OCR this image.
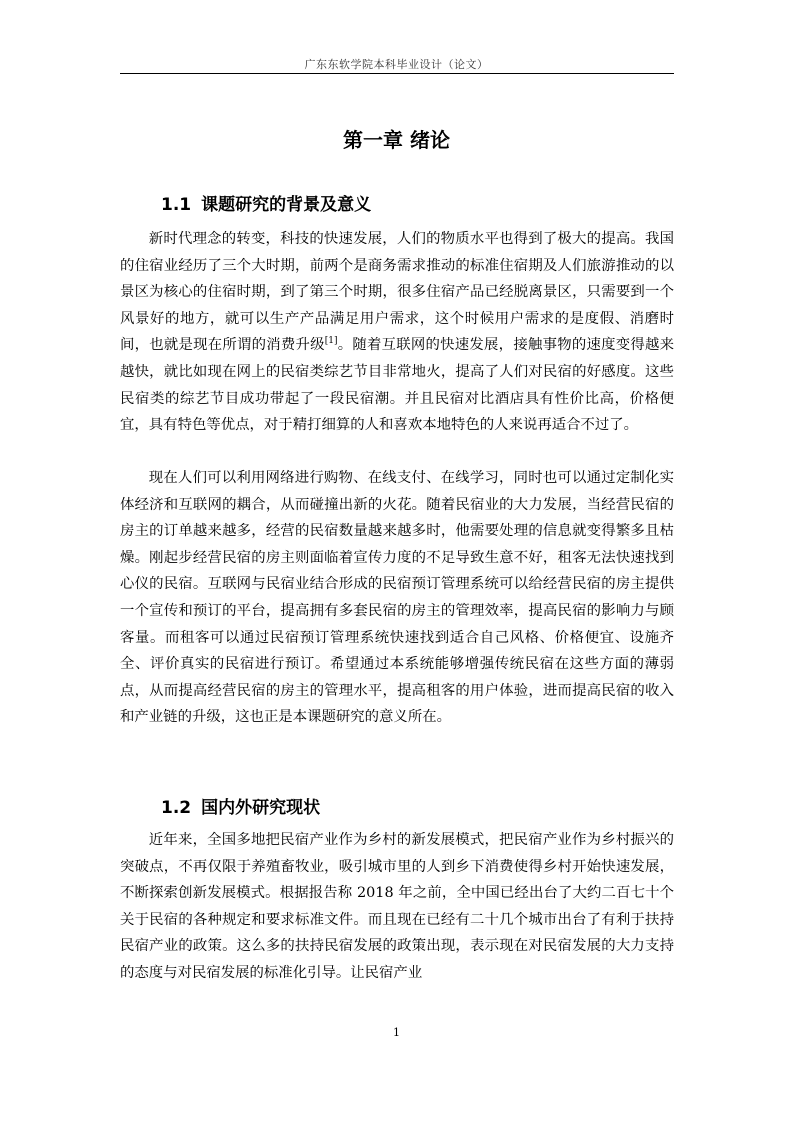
广东东软学院本科毕业设计（论文）
第一章 绪论
1.1 课题研究的背景及意义

新时代理念的转变，科技的快速发展，人们的物质水平也得到了极大的提高。我国的住宿业经历了三个大时期，前两个是商务需求推动的标准住宿期及人们旅游推动的以景区为核心的住宿时期，到了第三个时期，很多住宿产品已经脱离景区，只需要到一个风景好的地方，就可以生产产品满足用户需求，这个时候用户需求的是度假、消磨时间，也就是现在所谓的消费升级[1]。随着互联网的快速发展，接触事物的速度变得越来越快，就比如现在网上的民宿类综艺节目非常地火，提高了人们对民宿的好感度。这些民宿类的综艺节目成功带起了一段民宿潮。并且民宿对比酒店具有性价比高，价格便宜，具有特色等优点，对于精打细算的人和喜欢本地特色的人来说再适合不过了。

现在人们可以利用网络进行购物、在线支付、在线学习，同时也可以通过定制化实体经济和互联网的耦合，从而碰撞出新的火花。随着民宿业的大力发展，当经营民宿的房主的订单越来越多，经营的民宿数量越来越多时，他需要处理的信息就变得繁多且枯燥。刚起步经营民宿的房主则面临着宣传力度的不足导致生意不好，租客无法快速找到心仪的民宿。互联网与民宿业结合形成的民宿预订管理系统可以给经营民宿的房主提供一个宣传和预订的平台，提高拥有多套民宿的房主的管理效率，提高民宿的影响力与顾客量。而租客可以通过民宿预订管理系统快速找到适合自己风格、价格便宜、设施齐全、评价真实的民宿进行预订。希望通过本系统能够增强传统民宿在这些方面的薄弱点，从而提高经营民宿的房主的管理水平，提高租客的用户体验，进而提高民宿的收入和产业链的升级，这也正是本课题研究的意义所在。

1.2 国内外研究现状

近年来，全国多地把民宿产业作为乡村的新发展模式，把民宿产业作为乡村振兴的突破点，不再仅限于养殖畜牧业，吸引城市里的人到乡下消费使得乡村开始快速发展，不断探索创新发展模式。根据报告称 2018 年之前，全中国已经出台了大约二百七十个关于民宿的各种规定和要求标准文件。而且现在已经有二十几个城市出台了有利于扶持民宿产业的政策。这么多的扶持民宿发展的政策出现，表示现在对民宿发展的大力支持的态度与对民宿发展的标准化引导。让民宿产业

1
